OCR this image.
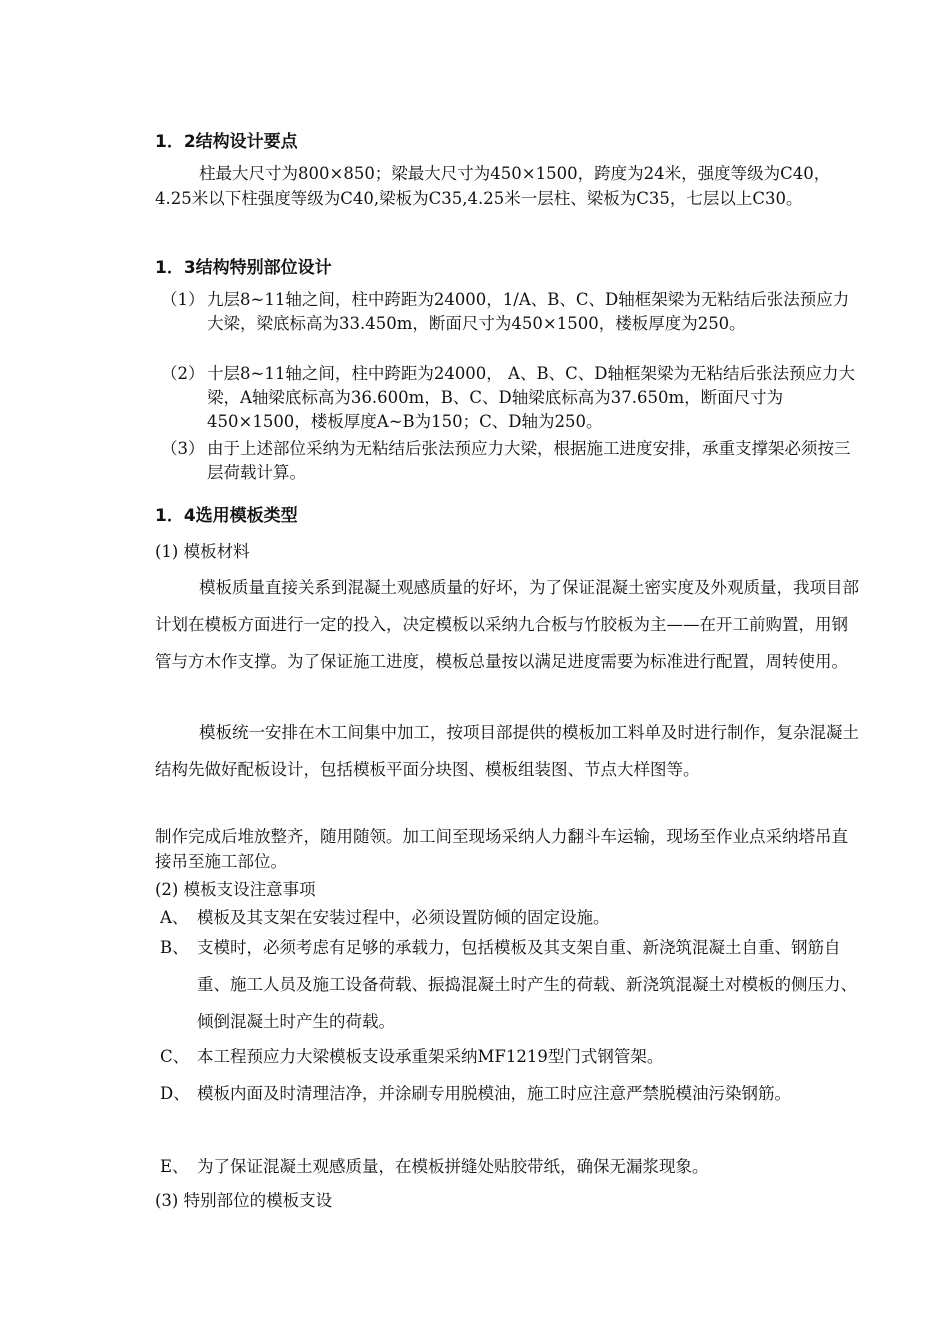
1．2结构设计要点

柱最大尺寸为800×850；梁最大尺寸为450×1500，跨度为24米，强度等级为C40，4.25米以下柱强度等级为C40,梁板为C35,4.25米一层柱、梁板为C35，七层以上C30。

1．3结构特别部位设计
（1） 九层8~11轴之间，柱中跨距为24000，1/A、B、C、D轴框架梁为无粘结后张法预应力大梁，梁底标高为33.450m，断面尺寸为450×1500，楼板厚度为250。
（2） 十层8~11轴之间，柱中跨距为24000， A、B、C、D轴框架梁为无粘结后张法预应力大梁，A轴梁底标高为36.600m，B、C、D轴梁底标高为37.650m，断面尺寸为450×1500，楼板厚度A~B为150；C、D轴为250。
（3） 由于上述部位采纳为无粘结后张法预应力大梁，根据施工进度安排，承重支撑架必须按三层荷载计算。
1．4选用模板类型
(1) 模板材料

模板质量直接关系到混凝土观感质量的好坏，为了保证混凝土密实度及外观质量，我项目部计划在模板方面进行一定的投入，决定模板以采纳九合板与竹胶板为主——在开工前购置，用钢管与方木作支撑。为了保证施工进度，模板总量按以满足进度需要为标准进行配置，周转使用。

模板统一安排在木工间集中加工，按项目部提供的模板加工料单及时进行制作，复杂混凝土结构先做好配板设计，包括模板平面分块图、模板组装图、节点大样图等。

制作完成后堆放整齐，随用随领。加工间至现场采纳人力翻斗车运输，现场至作业点采纳塔吊直接吊至施工部位。

(2) 模板支设注意事项
A、 模板及其支架在安装过程中，必须设置防倾的固定设施。
B、 支模时，必须考虑有足够的承载力，包括模板及其支架自重、新浇筑混凝土自重、钢筋自重、施工人员及施工设备荷载、振捣混凝土时产生的荷载、新浇筑混凝土对模板的侧压力、倾倒混凝土时产生的荷载。
C、 本工程预应力大梁模板支设承重架采纳MF1219型门式钢管架。
D、 模板内面及时清理洁净，并涂刷专用脱模油，施工时应注意严禁脱模油污染钢筋。
E、 为了保证混凝土观感质量，在模板拼缝处贴胶带纸，确保无漏浆现象。
(3) 特别部位的模板支设
